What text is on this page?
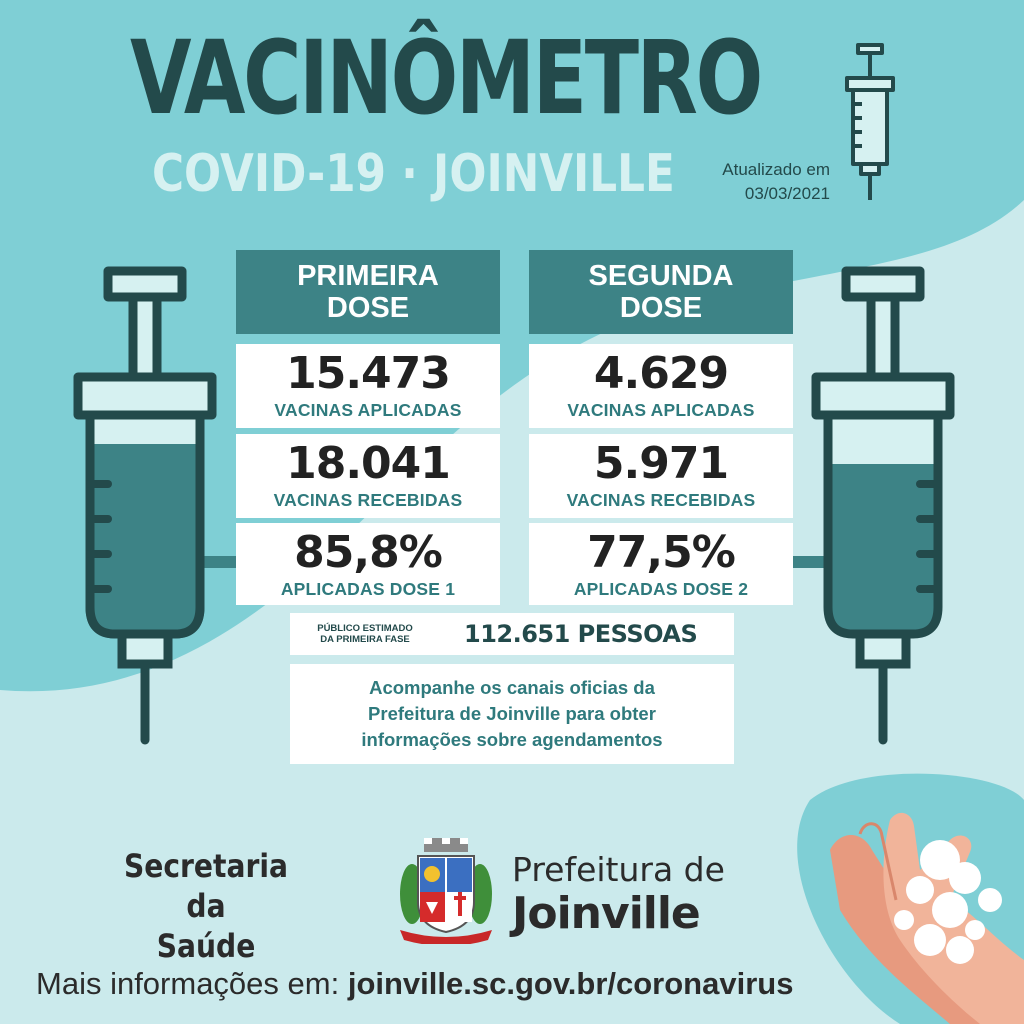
VACINÔMETRO
COVID-19 · JOINVILLE	Atualizado em
03/03/2021
PRIMEIRA
DOSE
15.473
VACINAS APLICADAS
18.041
VACINAS RECEBIDAS
85,8%
APLICADAS DOSE 1
SEGUNDA
DOSE
4.629
VACINAS APLICADAS
5.971
VACINAS RECEBIDAS
77,5%
APLICADAS DOSE 2
PÚBLICO ESTIMADO
DA PRIMEIRA FASE	112.651 PESSOAS
Acompanhe os canais oficias da
Prefeitura de Joinville para obter
informações sobre agendamentos
Secretaria da
Saúde
Prefeitura de
Joinville
Mais informações em: joinville.sc.gov.br/coronavirus
